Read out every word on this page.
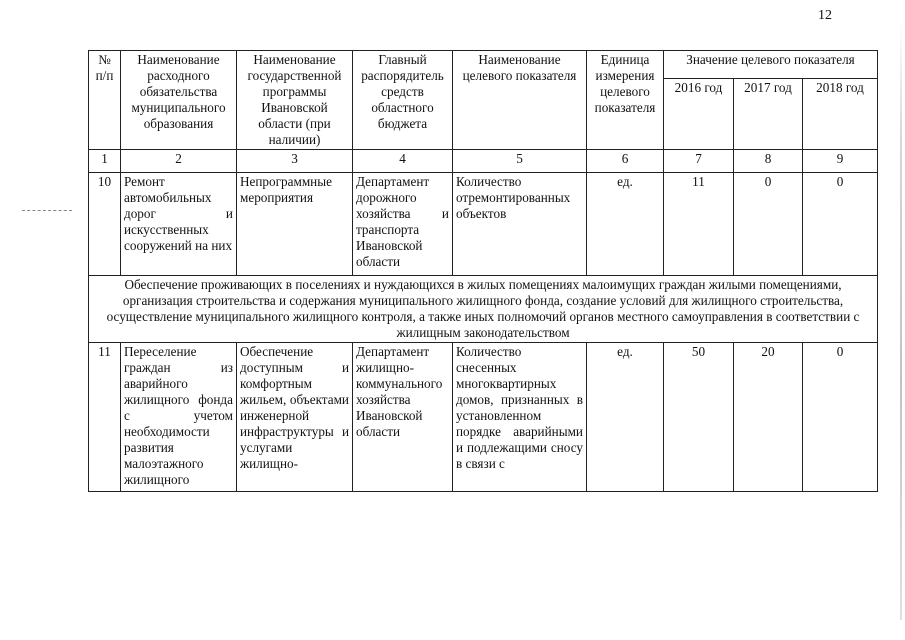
12
№ п/п	Наименование расходного обязательства муниципального образования	Наименование государственной программы Ивановской области (при наличии)	Главный распорядитель средств областного бюджета	Наименование целевого показателя	Единица измерения целевого показателя	Значение целевого показателя		
						2016 год	2017 год	2018 год
1	2	3	4	5	6	7	8	9
10	Ремонт автомобильных дорог и искусственных сооружений на них	Непрограммные мероприятия	Департамент дорожного хозяйства и транспорта Ивановской области	Количество отремонтированных объектов	ед.	11	0	0
Обеспечение проживающих в поселениях и нуждающихся в жилых помещениях малоимущих граждан жилыми помещениями, организация строительства и содержания муниципального жилищного фонда, создание условий для жилищного строительства, осуществление муниципального жилищного контроля, а также иных полномочий органов местного самоуправления в соответствии с жилищным законодательством								
11	Переселение граждан из аварийного жилищного фонда с учетом необходимости развития малоэтажного жилищного	Обеспечение доступным и комфортным жильем, объектами инженерной инфраструктуры и услугами жилищно-	Департамент жилищно-коммунального хозяйства Ивановской области	Количество снесенных многоквартирных домов, признанных в установленном порядке аварийными и подлежащими сносу в связи с	ед.	50	20	0
